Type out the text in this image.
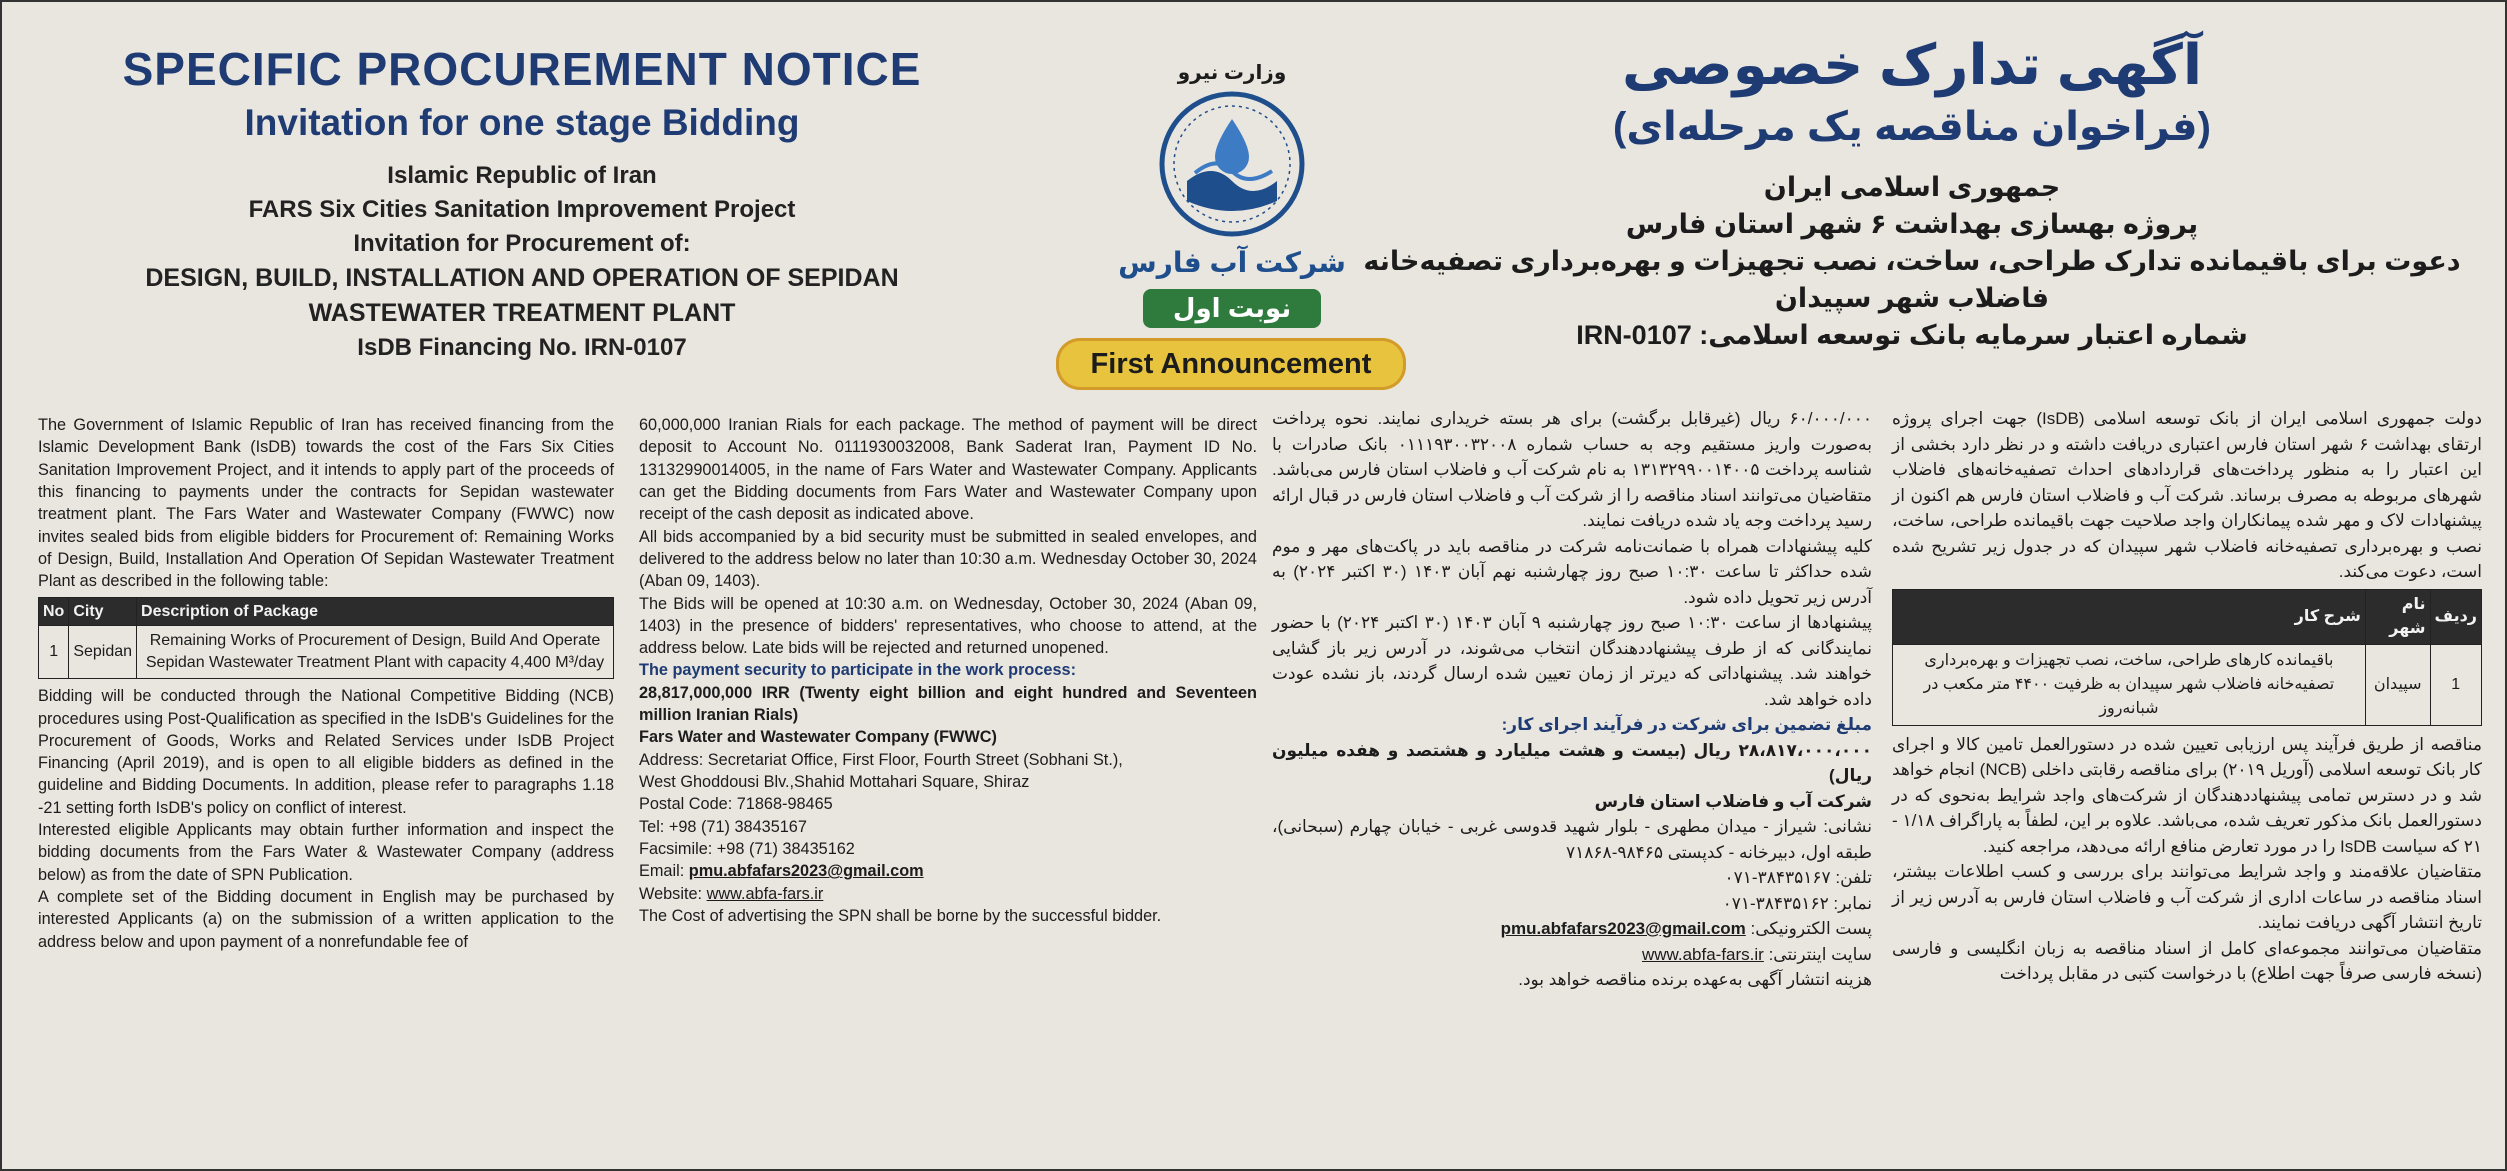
SPECIFIC PROCUREMENT NOTICE
Invitation for one stage Bidding
Islamic Republic of Iran
FARS Six Cities Sanitation Improvement Project
Invitation for Procurement of:
DESIGN, BUILD, INSTALLATION AND OPERATION OF SEPIDAN
WASTEWATER TREATMENT PLANT
IsDB Financing No. IRN-0107

The Government of Islamic Republic of Iran has received financing from the Islamic Development Bank (IsDB) towards the cost of the Fars Six Cities Sanitation Improvement Project, and it intends to apply part of the proceeds of this financing to payments under the contracts for Sepidan wastewater treatment plant. The Fars Water and Wastewater Company (FWWC) now invites sealed bids from eligible bidders for Procurement of: Remaining Works of Design, Build, Installation And Operation Of Sepidan Wastewater Treatment Plant as described in the following table:

No	City	Description of Package
1	Sepidan	Remaining Works of Procurement of Design, Build And Operate Sepidan Wastewater Treatment Plant with capacity 4,400 M³/day

Bidding will be conducted through the National Competitive Bidding (NCB) procedures using Post-Qualification as specified in the IsDB's Guidelines for the Procurement of Goods, Works and Related Services under IsDB Project Financing (April 2019), and is open to all eligible bidders as defined in the guideline and Bidding Documents. In addition, please refer to paragraphs 1.18 -21 setting forth IsDB's policy on conflict of interest.

Interested eligible Applicants may obtain further information and inspect the bidding documents from the Fars Water & Wastewater Company (address below) as from the date of SPN Publication.

A complete set of the Bidding document in English may be purchased by interested Applicants (a) on the submission of a written application to the address below and upon payment of a nonrefundable fee of

60,000,000 Iranian Rials for each package. The method of payment will be direct deposit to Account No. 0111930032008, Bank Saderat Iran, Payment ID No. 13132990014005, in the name of Fars Water and Wastewater Company. Applicants can get the Bidding documents from Fars Water and Wastewater Company upon receipt of the cash deposit as indicated above.

All bids accompanied by a bid security must be submitted in sealed envelopes, and delivered to the address below no later than 10:30 a.m. Wednesday October 30, 2024 (Aban 09, 1403).

The Bids will be opened at 10:30 a.m. on Wednesday, October 30, 2024 (Aban 09, 1403) in the presence of bidders' representatives, who choose to attend, at the address below. Late bids will be rejected and returned unopened.

The payment security to participate in the work process:

28,817,000,000 IRR (Twenty eight billion and eight hundred and Seventeen million Iranian Rials)

Fars Water and Wastewater Company (FWWC)

Address: Secretariat Office, First Floor, Fourth Street (Sobhani St.),

West Ghoddousi Blv.,Shahid Mottahari Square, Shiraz

Postal Code: 71868-98465

Tel: +98 (71) 38435167

Facsimile: +98 (71) 38435162

Email: pmu.abfafars2023@gmail.com

Website: www.abfa-fars.ir

The Cost of advertising the SPN shall be borne by the successful bidder.

وزارت نیرو
شرکت آب فارس
نوبت اول
First Announcement
آگهی تدارک خصوصی
(فراخوان مناقصه یک مرحله‌ای)
جمهوری اسلامی ایران
پروژه بهسازی بهداشت ۶ شهر استان فارس
دعوت برای باقیمانده تدارک طراحی، ساخت، نصب تجهیزات و بهره‌برداری تصفیه‌خانه
فاضلاب شهر سپیدان
شماره اعتبار سرمایه بانک توسعه اسلامی: IRN-0107

دولت جمهوری اسلامی ایران از بانک توسعه اسلامی (IsDB) جهت اجرای پروژه ارتقای بهداشت ۶ شهر استان فارس اعتباری دریافت داشته و در نظر دارد بخشی از این اعتبار را به منظور پرداخت‌های قراردادهای احداث تصفیه‌خانه‌های فاضلاب شهرهای مربوطه به مصرف برساند. شرکت آب و فاضلاب استان فارس هم اکنون از پیشنهادات لاک و مهر شده پیمانکاران واجد صلاحیت جهت باقیمانده طراحی، ساخت، نصب و بهره‌برداری تصفیه‌خانه فاضلاب شهر سپیدان که در جدول زیر تشریح شده است، دعوت می‌کند.

ردیف	نام شهر	شرح کار
1	سپیدان	باقیمانده کارهای طراحی، ساخت، نصب تجهیزات و بهره‌برداری تصفیه‌خانه فاضلاب شهر سپیدان به ظرفیت ۴۴۰۰ متر مکعب در شبانه‌روز

مناقصه از طریق فرآیند پس ارزیابی تعیین شده در دستورالعمل تامین کالا و اجرای کار بانک توسعه اسلامی (آوریل ۲۰۱۹) برای مناقصه رقابتی داخلی (NCB) انجام خواهد شد و در دسترس تمامی پیشنهاددهندگان از شرکت‌های واجد شرایط به‌نحوی که در دستورالعمل بانک مذکور تعریف شده، می‌باشد. علاوه بر این، لطفاً به پاراگراف ۱/۱۸ - ۲۱ که سیاست IsDB را در مورد تعارض منافع ارائه می‌دهد، مراجعه کنید.

متقاضیان علاقه‌مند و واجد شرایط می‌توانند برای بررسی و کسب اطلاعات بیشتر، اسناد مناقصه در ساعات اداری از شرکت آب و فاضلاب استان فارس به آدرس زیر از تاریخ انتشار آگهی دریافت نمایند.

متقاضیان می‌توانند مجموعه‌ای کامل از اسناد مناقصه به زبان انگلیسی و فارسی (نسخه فارسی صرفاً جهت اطلاع) با درخواست کتبی در مقابل پرداخت

۶۰/۰۰۰/۰۰۰ ریال (غیرقابل برگشت) برای هر بسته خریداری نمایند. نحوه پرداخت به‌صورت واریز مستقیم وجه به حساب شماره ۰۱۱۱۹۳۰۰۳۲۰۰۸ بانک صادرات با شناسه پرداخت ۱۳۱۳۲۹۹۰۰۱۴۰۰۵ به نام شرکت آب و فاضلاب استان فارس می‌باشد. متقاضیان می‌توانند اسناد مناقصه را از شرکت آب و فاضلاب استان فارس در قبال ارائه رسید پرداخت وجه یاد شده دریافت نمایند.

کلیه پیشنهادات همراه با ضمانت‌نامه شرکت در مناقصه باید در پاکت‌های مهر و موم شده حداکثر تا ساعت ۱۰:۳۰ صبح روز چهارشنبه نهم آبان ۱۴۰۳ (۳۰ اکتبر ۲۰۲۴) به آدرس زیر تحویل داده شود.

پیشنهادها از ساعت ۱۰:۳۰ صبح روز چهارشنبه ۹ آبان ۱۴۰۳ (۳۰ اکتبر ۲۰۲۴) با حضور نمایندگانی که از طرف پیشنهاددهندگان انتخاب می‌شوند، در آدرس زیر باز گشایی خواهند شد. پیشنهاداتی که دیرتر از زمان تعیین شده ارسال گردند، باز نشده عودت داده خواهد شد.

مبلغ تضمین برای شرکت در فرآیند اجرای کار:

۲۸،۸۱۷،۰۰۰،۰۰۰ ریال (بیست و هشت میلیارد و هشتصد و هفده میلیون ریال)

شرکت آب و فاضلاب استان فارس

نشانی: شیراز - میدان مطهری - بلوار شهید قدوسی غربی - خیابان چهارم (سبحانی)، طبقه اول، دبیرخانه - کدپستی ۹۸۴۶۵-۷۱۸۶۸

تلفن: ۳۸۴۳۵۱۶۷-۰۷۱

نمابر: ۳۸۴۳۵۱۶۲-۰۷۱

پست الکترونیکی: pmu.abfafars2023@gmail.com

سایت اینترنتی: www.abfa-fars.ir

هزینه انتشار آگهی به‌عهده برنده مناقصه خواهد بود.
